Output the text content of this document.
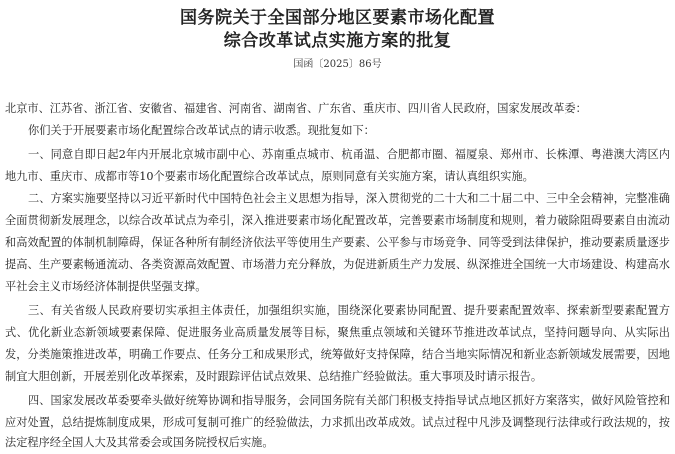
国务院关于全国部分地区要素市场化配置
综合改革试点实施方案的批复
国函〔2025〕86号
北京市、江苏省、浙江省、安徽省、福建省、河南省、湖南省、广东省、重庆市、四川省人民政府，国家发展改革委：
你们关于开展要素市场化配置综合改革试点的请示收悉。现批复如下：
一、同意自即日起2年内开展北京城市副中心、苏南重点城市、杭甬温、合肥都市圈、福厦泉、郑州市、长株潭、粤港澳大湾区内
地九市、重庆市、成都市等10个要素市场化配置综合改革试点，原则同意有关实施方案，请认真组织实施。
二、方案实施要坚持以习近平新时代中国特色社会主义思想为指导，深入贯彻党的二十大和二十届二中、三中全会精神，完整准确
全面贯彻新发展理念，以综合改革试点为牵引，深入推进要素市场化配置改革，完善要素市场制度和规则，着力破除阻碍要素自由流动
和高效配置的体制机制障碍，保证各种所有制经济依法平等使用生产要素、公平参与市场竞争、同等受到法律保护，推动要素质量逐步
提高、生产要素畅通流动、各类资源高效配置、市场潜力充分释放，为促进新质生产力发展、纵深推进全国统一大市场建设、构建高水
平社会主义市场经济体制提供坚强支撑。
三、有关省级人民政府要切实承担主体责任，加强组织实施，围绕深化要素协同配置、提升要素配置效率、探索新型要素配置方
式、优化新业态新领域要素保障、促进服务业高质量发展等目标，聚焦重点领域和关键环节推进改革试点，坚持问题导向、从实际出
发，分类施策推进改革，明确工作要点、任务分工和成果形式，统筹做好支持保障，结合当地实际情况和新业态新领域发展需要，因地
制宜大胆创新，开展差别化改革探索，及时跟踪评估试点效果、总结推广经验做法。重大事项及时请示报告。
四、国家发展改革委要牵头做好统筹协调和指导服务，会同国务院有关部门积极支持指导试点地区抓好方案落实，做好风险管控和
应对处置，总结提炼制度成果，形成可复制可推广的经验做法，力求抓出改革成效。试点过程中凡涉及调整现行法律或行政法规的，按
法定程序经全国人大及其常委会或国务院授权后实施。
